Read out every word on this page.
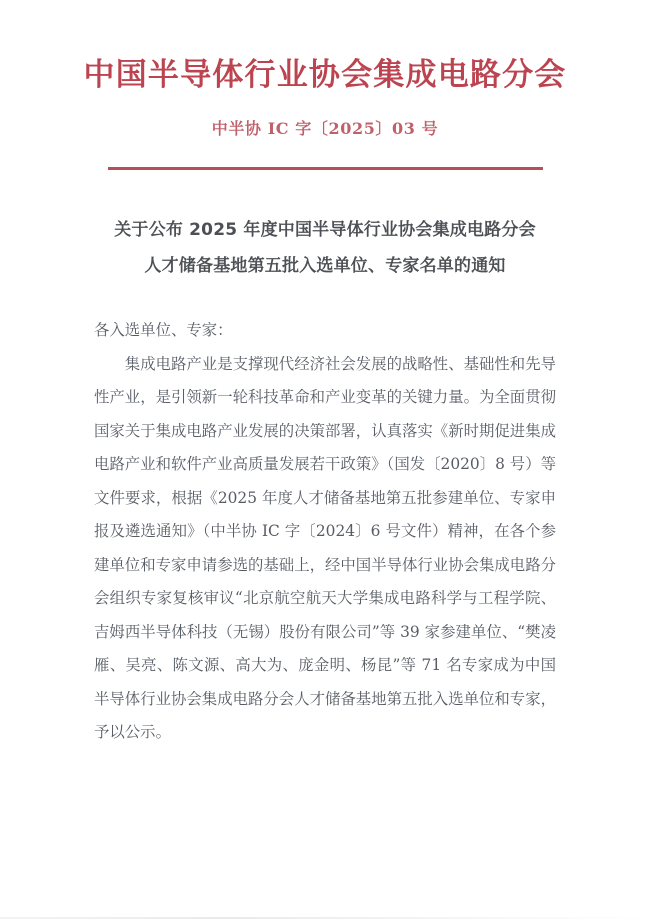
中国半导体行业协会集成电路分会
中半协 IC 字〔2025〕03 号
关于公布 2025 年度中国半导体行业协会集成电路分会
人才储备基地第五批入选单位、专家名单的通知

各入选单位、专家：

集成电路产业是支撑现代经济社会发展的战略性、基础性和先导性产业，是引领新一轮科技革命和产业变革的关键力量。为全面贯彻国家关于集成电路产业发展的决策部署，认真落实《新时期促进集成电路产业和软件产业高质量发展若干政策》（国发〔2020〕8 号）等文件要求，根据《2025 年度人才储备基地第五批参建单位、专家申报及遴选通知》（中半协 IC 字〔2024〕6 号文件）精神，在各个参建单位和专家申请参选的基础上，经中国半导体行业协会集成电路分会组织专家复核审议“北京航空航天大学集成电路科学与工程学院、吉姆西半导体科技（无锡）股份有限公司”等 39 家参建单位、“樊凌雁、吴亮、陈文源、高大为、庞金明、杨昆”等 71 名专家成为中国半导体行业协会集成电路分会人才储备基地第五批入选单位和专家，予以公示。
